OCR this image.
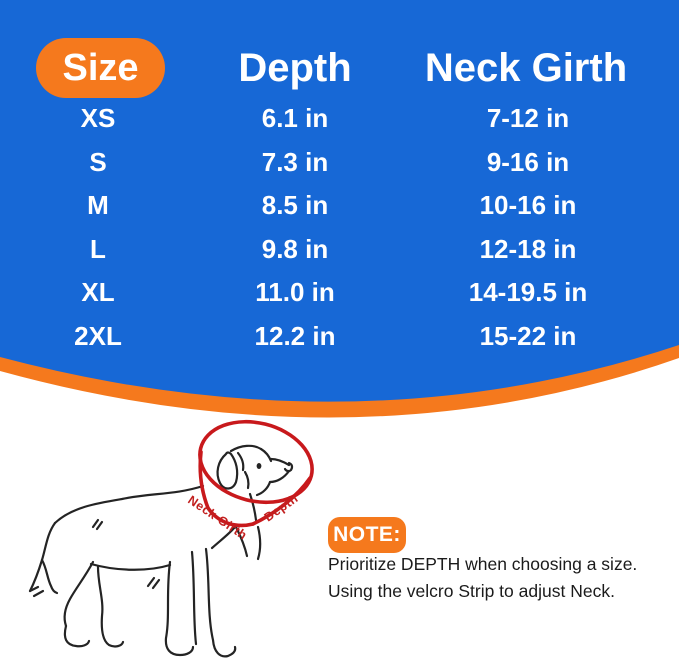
Neck Girth Depth
Size	Depth	Neck Girth
XS	6.1 in	7-12 in
S	7.3 in	9-16 in
M	8.5 in	10-16 in
L	9.8 in	12-18 in
XL	11.0 in	14-19.5 in
2XL	12.2 in	15-22 in
NOTE:
Prioritize DEPTH when choosing a size.
Using the velcro Strip to adjust Neck.
